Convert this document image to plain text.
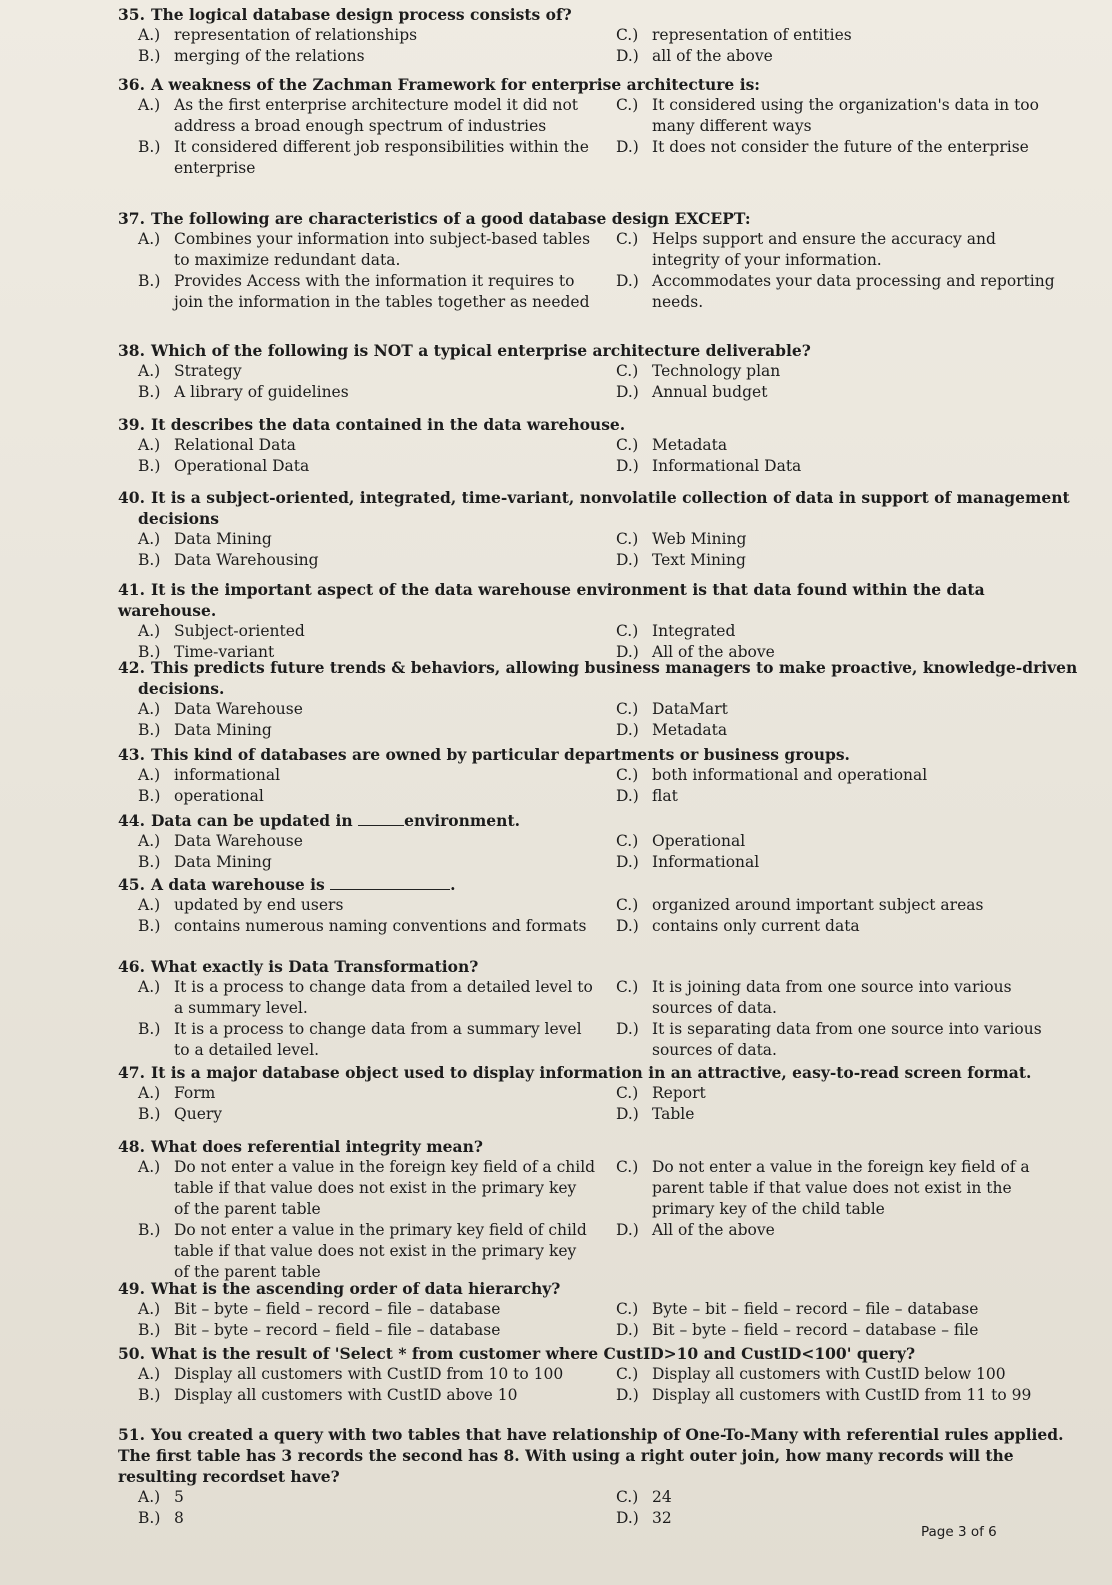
35. The logical database design process consists of?
A.) representation of relationships	C.) representation of entities
B.) merging of the relations	D.) all of the above
36. A weakness of the Zachman Framework for enterprise architecture is:
A.) As the first enterprise architecture model it did not address a broad enough spectrum of industries
C.) It considered using the organization's data in too many different ways
B.) It considered different job responsibilities within the enterprise
D.) It does not consider the future of the enterprise
37. The following are characteristics of a good database design EXCEPT:
A.) Combines your information into subject-based tables to maximize redundant data.
C.) Helps support and ensure the accuracy and integrity of your information.
B.) Provides Access with the information it requires to join the information in the tables together as needed
D.) Accommodates your data processing and reporting needs.
38. Which of the following is NOT a typical enterprise architecture deliverable?
A.) Strategy	C.) Technology plan
B.) A library of guidelines	D.) Annual budget
39. It describes the data contained in the data warehouse.
A.) Relational Data	C.) Metadata
B.) Operational Data	D.) Informational Data
40. It is a subject-oriented, integrated, time-variant, nonvolatile collection of data in support of management
decisions
A.) Data Mining	C.) Web Mining
B.) Data Warehousing	D.) Text Mining
41. It is the important aspect of the data warehouse environment is that data found within the data warehouse.
A.) Subject-oriented	C.) Integrated
B.) Time-variant	D.) All of the above
42. This predicts future trends & behaviors, allowing business managers to make proactive, knowledge-driven
decisions.
A.) Data Warehouse	C.) DataMart
B.) Data Mining	D.) Metadata
43. This kind of databases are owned by particular departments or business groups.
A.) informational	C.) both informational and operational
B.) operational	D.) flat
44. Data can be updated in	environment.
A.) Data Warehouse	C.) Operational
B.) Data Mining	D.) Informational
45. A data warehouse is	.
A.) updated by end users	C.) organized around important subject areas
B.) contains numerous naming conventions and formats	D.) contains only current data
46. What exactly is Data Transformation?
A.) It is a process to change data from a detailed level to a summary level.
C.) It is joining data from one source into various sources of data.
B.) It is a process to change data from a summary level to a detailed level.
D.) It is separating data from one source into various sources of data.
47. It is a major database object used to display information in an attractive, easy-to-read screen format.
A.) Form	C.) Report
B.) Query	D.) Table
48. What does referential integrity mean?
A.) Do not enter a value in the foreign key field of a child table if that value does not exist in the primary key of the parent table
C.) Do not enter a value in the foreign key field of a parent table if that value does not exist in the primary key of the child table
B.) Do not enter a value in the primary key field of child table if that value does not exist in the primary key of the parent table
D.) All of the above
49. What is the ascending order of data hierarchy?
A.) Bit – byte – field – record – file – database	C.) Byte – bit – field – record – file – database
B.) Bit – byte – record – field – file – database	D.) Bit – byte – field – record – database – file
50. What is the result of 'Select * from customer where CustID>10 and CustID<100' query?
A.) Display all customers with CustID from 10 to 100	C.) Display all customers with CustID below 100
B.) Display all customers with CustID above 10	D.) Display all customers with CustID from 11 to 99
51. You created a query with two tables that have relationship of One-To-Many with referential rules applied. The first table has 3 records the second has 8. With using a right outer join, how many records will the resulting recordset have?
A.) 5	C.) 24
B.) 8	D.) 32
Page 3 of 6
